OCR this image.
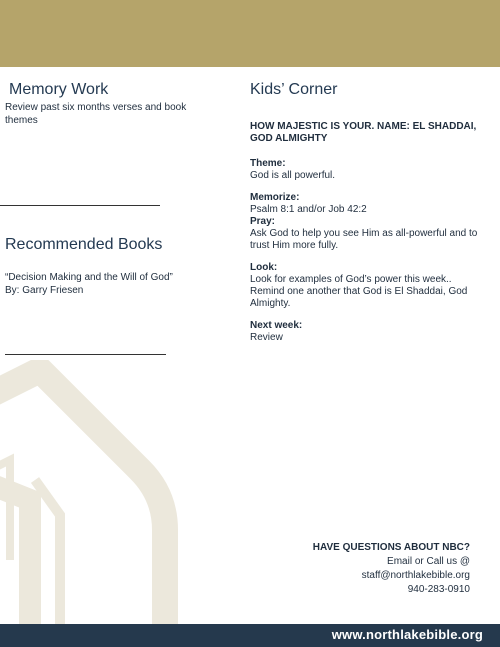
Memory Work
Review past six months verses and book themes
Recommended Books
“Decision Making and the Will of God”
By: Garry Friesen
Kids’ Corner
HOW MAJESTIC IS YOUR. NAME: EL SHADDAI, GOD ALMIGHTY
Theme:
God is all powerful.
Memorize:
Psalm 8:1 and/or Job 42:2
Pray:
Ask God to help you see Him as all-powerful and to trust Him more fully.
Look:
Look for examples of God’s power this week.. Remind one another that God is El Shaddai, God Almighty.
Next week:
Review
HAVE QUESTIONS ABOUT NBC?
Email or Call us @
staff@northlakebible.org
940-283-0910
www.northlakebible.org
